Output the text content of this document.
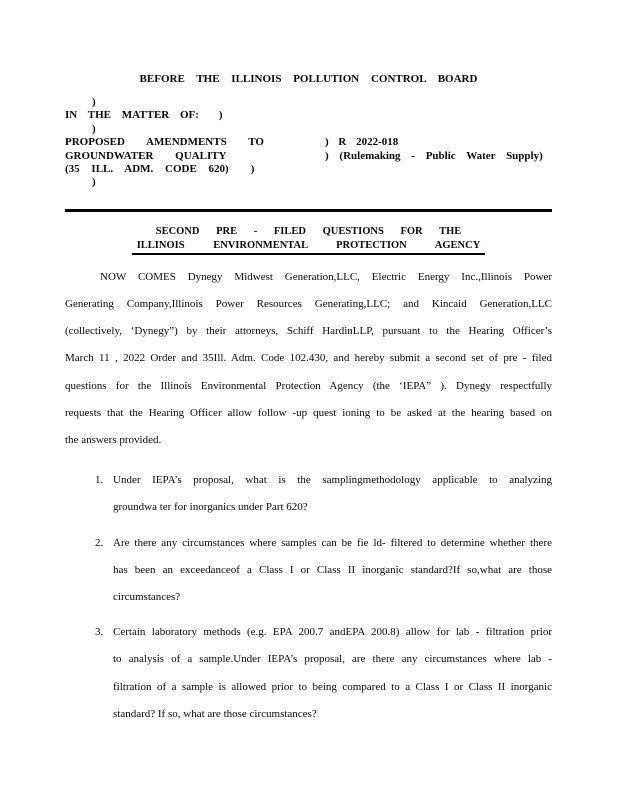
BEFORE THE ILLINOIS POLLUTION CONTROL BOARD
)
IN THE MATTER OF: )
)
PROPOSED AMENDMENTS TO	) R 2022-018
GROUNDWATER QUALITY	) (Rulemaking - Public Water Supply)
(35 ILL. ADM. CODE 620) )
)
SECOND PRE - FILED QUESTIONS FOR THE
ILLINOIS ENVIRONMENTAL PROTECTION AGENCY
NOW COMES Dynegy Midwest Generation,LLC, Electric Energy Inc.,Illinois Power
Generating Company,Illinois Power Resources Generating,LLC; and Kincaid Generation,LLC
(collectively, ‘Dynegy”) by their attorneys, Schiff HardinLLP, pursuant to the Hearing Officer’s
March 11 , 2022 Order and 35Ill. Adm. Code 102.430, and hereby submit a second set of pre - filed
questions for the Illinois Environmental Protection Agency (the ‘IEPA” ). Dynegy respectfully
requests that the Hearing Officer allow follow -up quest ioning to be asked at the hearing based on
the answers provided.
1. Under IEPA’s proposal, what is the samplingmethodology applicable to analyzing
groundwa ter for inorganics under Part 620?
2. Are there any circumstances where samples can be fie ld- filtered to determine whether there
has been an exceedanceof a Class I or Class II inorganic standard?If so,what are those
circumstances?
3. Certain laboratory methods (e.g. EPA 200.7 andEPA 200.8) allow for lab - filtration prior
to analysis of a sample.Under IEPA’s proposal, are there any circumstances where lab -
filtration of a sample is allowed prior to being compared to a Class I or Class II inorganic
standard? If so, what are those circumstances?
